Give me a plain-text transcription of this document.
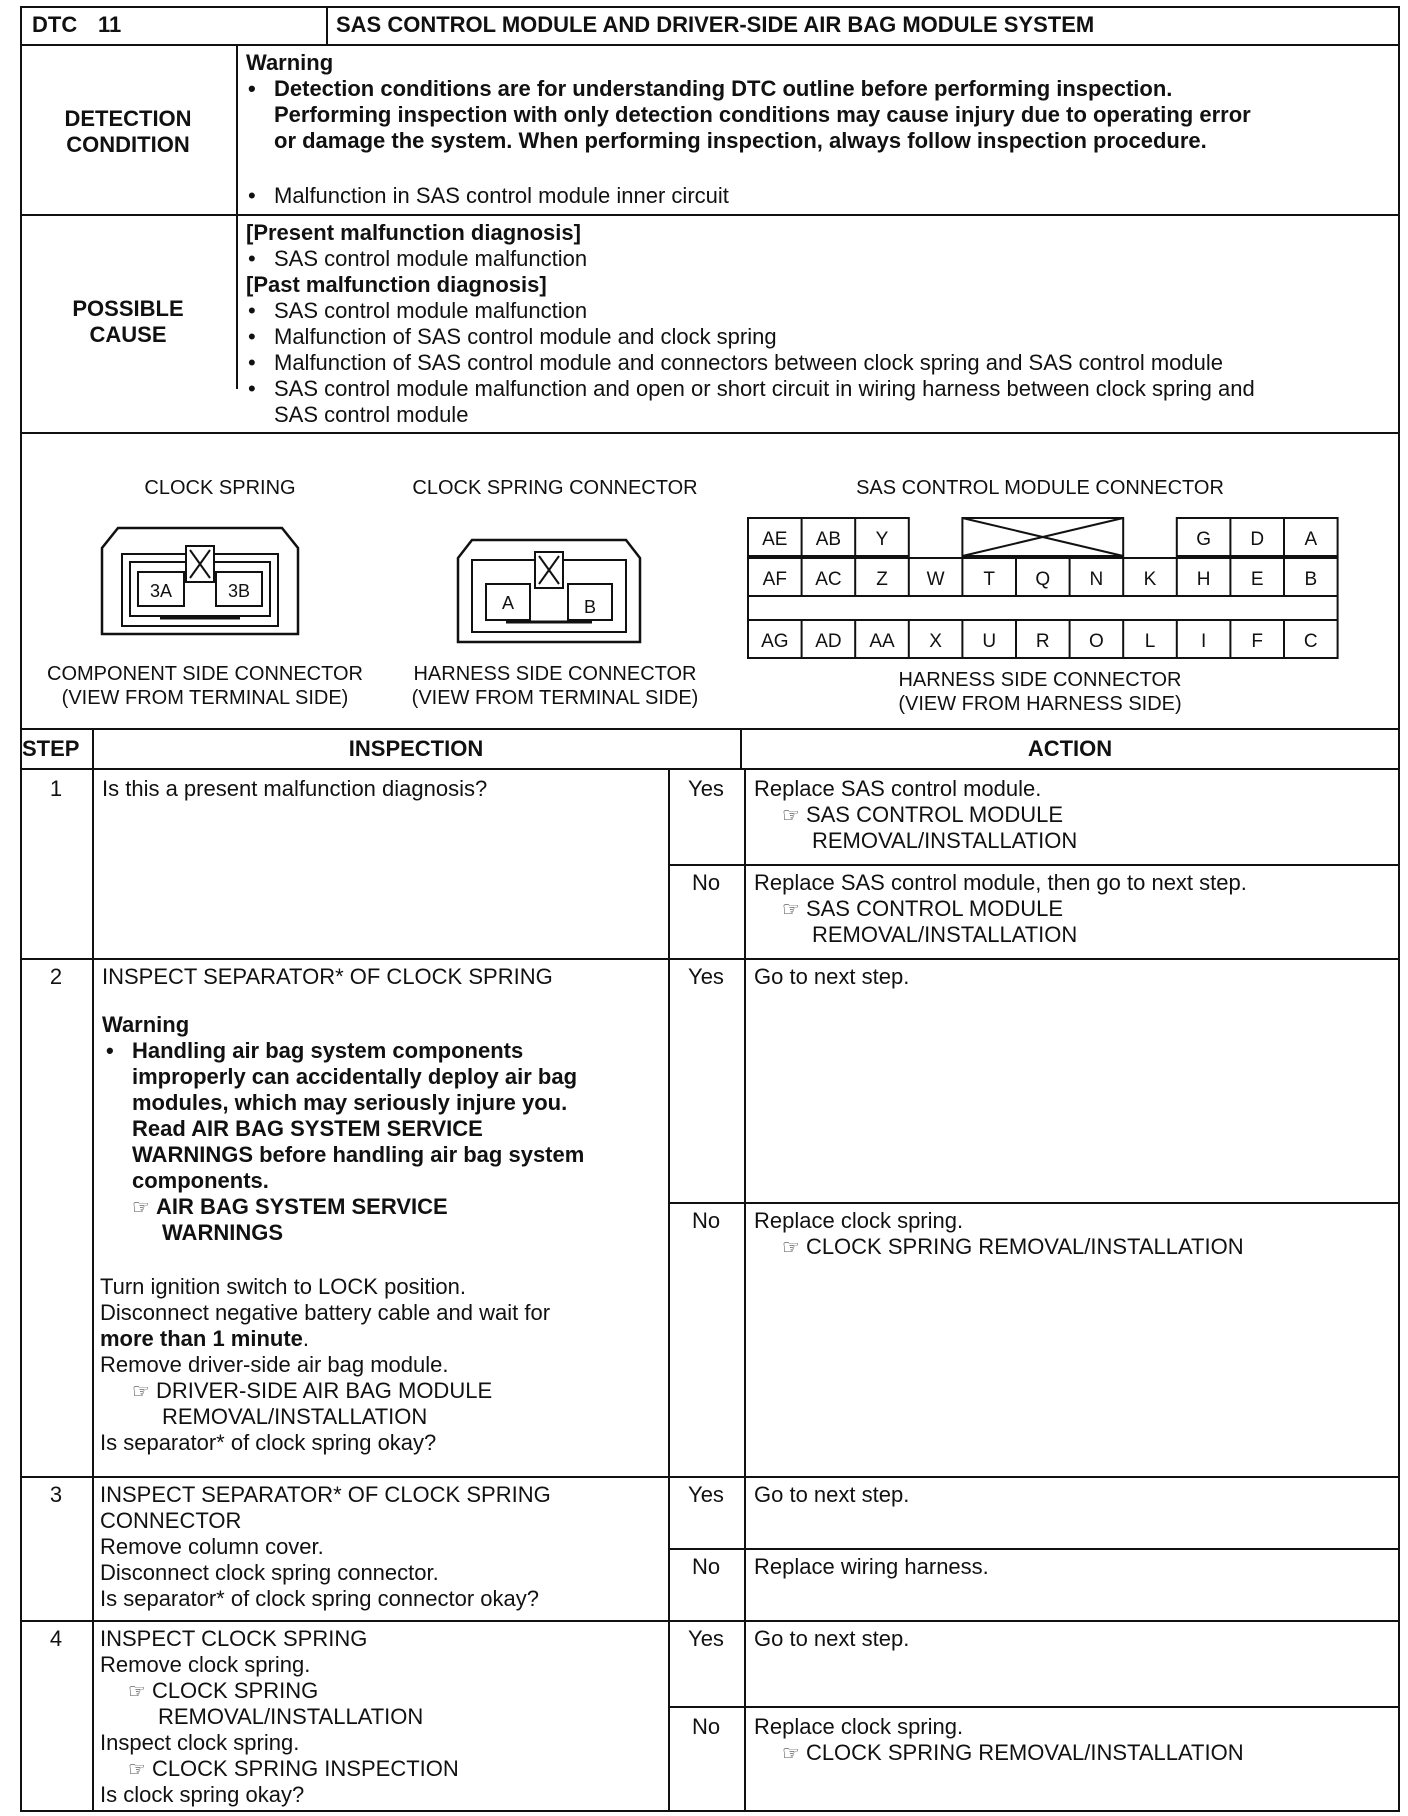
DTC 11	SAS CONTROL MODULE AND DRIVER-SIDE AIR BAG MODULE SYSTEM
DETECTION
CONDITION
Warning
• Detection conditions are for understanding DTC outline before performing inspection.
Performing inspection with only detection conditions may cause injury due to operating error
or damage the system. When performing inspection, always follow inspection procedure.
• Malfunction in SAS control module inner circuit
POSSIBLE
CAUSE
[Present malfunction diagnosis]
• SAS control module malfunction
[Past malfunction diagnosis]
• SAS control module malfunction
• Malfunction of SAS control module and clock spring
• Malfunction of SAS control module and connectors between clock spring and SAS control module
• SAS control module malfunction and open or short circuit in wiring harness between clock spring and
SAS control module
CLOCK SPRING
3A	3B
COMPONENT SIDE CONNECTOR
(VIEW FROM TERMINAL SIDE)
CLOCK SPRING CONNECTOR
A	B
HARNESS SIDE CONNECTOR
(VIEW FROM TERMINAL SIDE)
SAS CONTROL MODULE CONNECTOR
AE AB Y	G D A
AF AC Z W T Q N K H E B
AG AD AA X U R O L I F C
HARNESS SIDE CONNECTOR
(VIEW FROM HARNESS SIDE)
STEP	INSPECTION	ACTION
1	Is this a present malfunction diagnosis?	Yes	Replace SAS control module.
☞ SAS CONTROL MODULE
REMOVAL/INSTALLATION
No	Replace SAS control module, then go to next step.
☞ SAS CONTROL MODULE
REMOVAL/INSTALLATION
2	INSPECT SEPARATOR* OF CLOCK SPRING
Warning
• Handling air bag system components
improperly can accidentally deploy air bag
modules, which may seriously injure you.
Read AIR BAG SYSTEM SERVICE
WARNINGS before handling air bag system
components.
☞ AIR BAG SYSTEM SERVICE
WARNINGS
Turn ignition switch to LOCK position.
Disconnect negative battery cable and wait for
more than 1 minute.
Remove driver-side air bag module.
☞ DRIVER-SIDE AIR BAG MODULE
REMOVAL/INSTALLATION
Is separator* of clock spring okay?
Yes	Go to next step.
No	Replace clock spring.
☞ CLOCK SPRING REMOVAL/INSTALLATION
3	INSPECT SEPARATOR* OF CLOCK SPRING
CONNECTOR
Remove column cover.
Disconnect clock spring connector.
Is separator* of clock spring connector okay?
Yes	Go to next step.
No	Replace wiring harness.
4	INSPECT CLOCK SPRING
Remove clock spring.
☞ CLOCK SPRING
REMOVAL/INSTALLATION
Inspect clock spring.
☞ CLOCK SPRING INSPECTION
Is clock spring okay?
Yes	Go to next step.
No	Replace clock spring.
☞ CLOCK SPRING REMOVAL/INSTALLATION
